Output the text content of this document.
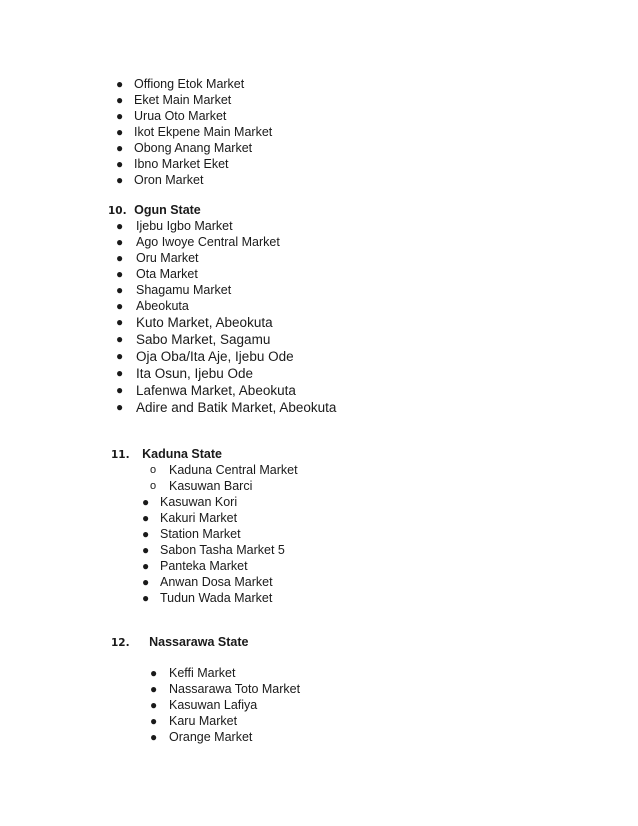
● Offiong Etok Market
● Eket Main Market
● Urua Oto Market
● Ikot Ekpene Main Market
● Obong Anang Market
● Ibno Market Eket
● Oron Market
10. Ogun State
● Ijebu Igbo Market
● Ago Iwoye Central Market
● Oru Market
● Ota Market
● Shagamu Market
● Abeokuta
● Kuto Market, Abeokuta
● Sabo Market, Sagamu
● Oja Oba/Ita Aje, Ijebu Ode
● Ita Osun, Ijebu Ode
● Lafenwa Market, Abeokuta
● Adire and Batik Market, Abeokuta
11. Kaduna State
o Kaduna Central Market
o Kasuwan Barci
● Kasuwan Kori
● Kakuri Market
● Station Market
● Sabon Tasha Market 5
● Panteka Market
● Anwan Dosa Market
● Tudun Wada Market
12. Nassarawa State
● Keffi Market
● Nassarawa Toto Market
● Kasuwan Lafiya
● Karu Market
● Orange Market
